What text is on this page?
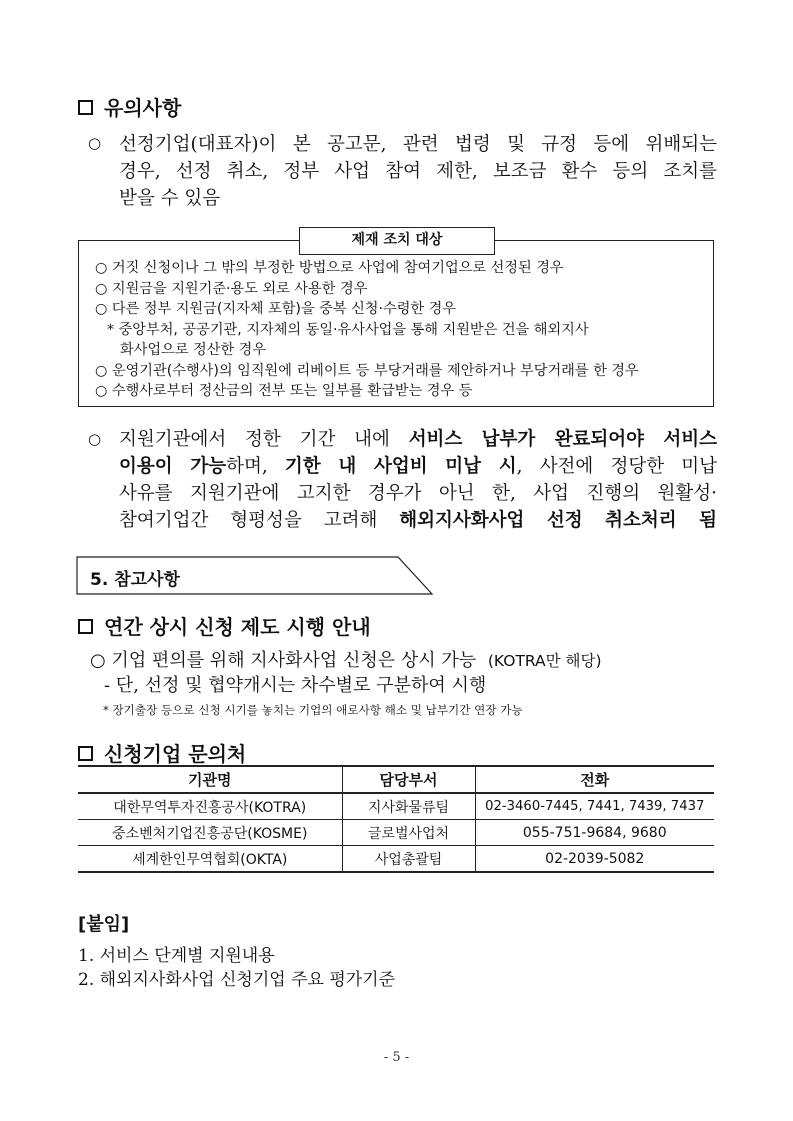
유의사항
○ 선정기업(대표자)이 본 공고문, 관련 법령 및 규정 등에 위배되는
경우, 선정 취소, 정부 사업 참여 제한, 보조금 환수 등의 조치를
받을 수 있음
제재 조치 대상
○ 거짓 신청이나 그 밖의 부정한 방법으로 사업에 참여기업으로 선정된 경우
○ 지원금을 지원기준·용도 외로 사용한 경우
○ 다른 정부 지원금(지자체 포함)을 중복 신청·수령한 경우
* 중앙부처, 공공기관, 지자체의 동일·유사사업을 통해 지원받은 건을 해외지사
화사업으로 정산한 경우
○ 운영기관(수행사)의 임직원에 리베이트 등 부당거래를 제안하거나 부당거래를 한 경우
○ 수행사로부터 정산금의 전부 또는 일부를 환급받는 경우 등
○ 지원기관에서 정한 기간 내에 서비스 납부가 완료되어야 서비스
이용이 가능하며, 기한 내 사업비 미납 시, 사전에 정당한 미납
사유를 지원기관에 고지한 경우가 아닌 한, 사업 진행의 원활성·
참여기업간 형평성을 고려해 해외지사화사업 선정 취소처리 됨
5. 참고사항
연간 상시 신청 제도 시행 안내
○ 기업 편의를 위해 지사화사업 신청은 상시 가능 (KOTRA만 해당)
- 단, 선정 및 협약개시는 차수별로 구분하여 시행
* 장기출장 등으로 신청 시기를 놓치는 기업의 애로사항 해소 및 납부기간 연장 가능
신청기업 문의처
기관명	담당부서	전화
대한무역투자진흥공사(KOTRA)	지사화물류팀	02-3460-7445, 7441, 7439, 7437
중소벤처기업진흥공단(KOSME)	글로벌사업처	055-751-9684, 9680
세계한인무역협회(OKTA)	사업총괄팀	02-2039-5082
[붙임]
1. 서비스 단계별 지원내용
2. 해외지사화사업 신청기업 주요 평가기준
- 5 -
